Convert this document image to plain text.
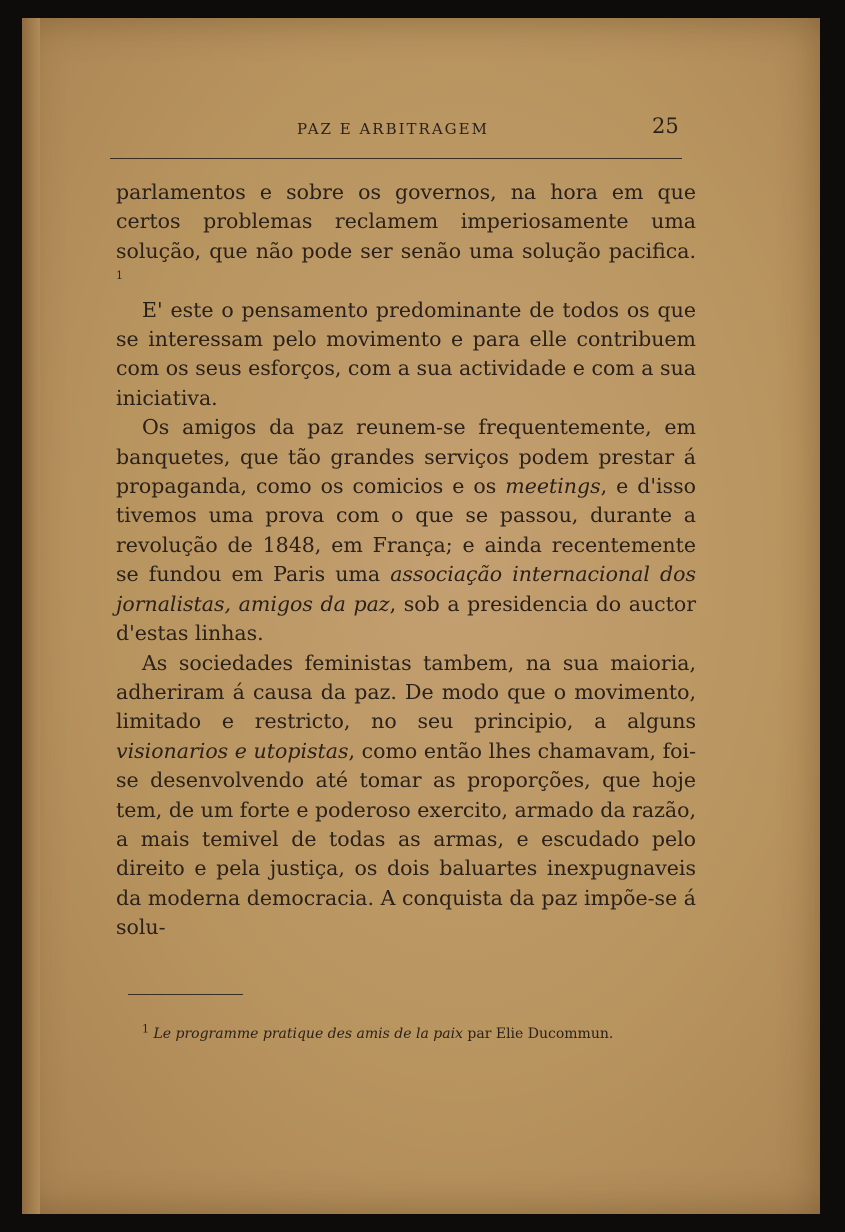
PAZ E ARBITRAGEM	25

parlamentos e sobre os governos, na hora em que certos problemas reclamem imperiosamente uma solução, que não pode ser senão uma solução pacifica. $^1$

E' este o pensamento predominante de todos os que se interessam pelo movimento e para elle contribuem com os seus esforços, com a sua actividade e com a sua iniciativa.

Os amigos da paz reunem-se frequentemente, em banquetes, que tão grandes serviços podem prestar á propaganda, como os comicios e os meetings, e d'isso tivemos uma prova com o que se passou, durante a revolução de 1848, em França; e ainda recentemente se fundou em Paris uma associação internacional dos jornalistas, amigos da paz, sob a presidencia do auctor d'estas linhas.

As sociedades feministas tambem, na sua maioria, adheriram á causa da paz. De modo que o movimento, limitado e restricto, no seu principio, a alguns visionarios e utopistas, como então lhes chamavam, foi-se desenvolvendo até tomar as proporções, que hoje tem, de um forte e poderoso exercito, armado da razão, a mais temivel de todas as armas, e escudado pelo direito e pela justiça, os dois baluartes inexpugnaveis da moderna democracia. A conquista da paz impõe-se á solu-

$^1$ Le programme pratique des amis de la paix par Elie Ducommun.
